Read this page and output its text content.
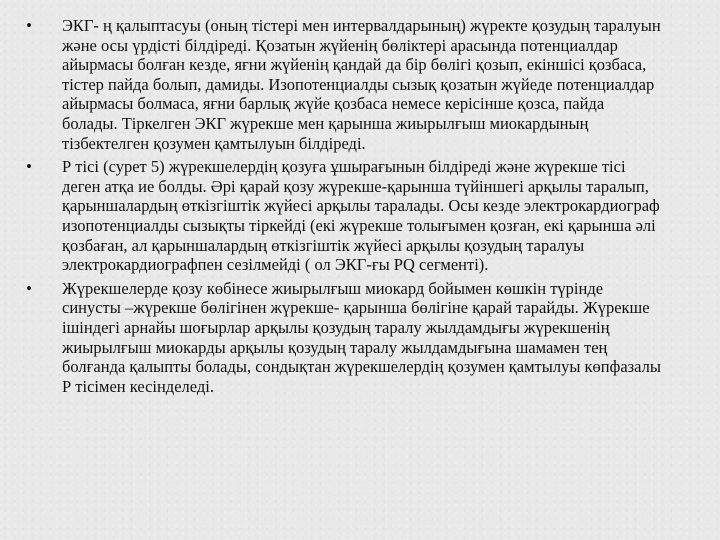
• ЭКГ- ң қалыптасуы (оның тістері мен интервалдарының) жүректе қозудың таралуын және осы үрдісті білдіреді. Қозатын жүйенің бөліктері арасында потенциалдар айырмасы болған кезде, яғни жүйенің қандай да бір бөлігі қозып, екіншісі қозбаса, тістер пайда болып, дамиды. Изопотенциалды сызық қозатын жүйеде потенциалдар айырмасы болмаса, яғни барлық жүйе қозбаса немесе керісінше қозса, пайда болады. Тіркелген ЭКГ жүрекше мен қарынша жиырылғыш миокардының тізбектелген қозумен қамтылуын білдіреді.
• Р тісі (сурет 5) жүрекшелердің қозуға ұшырағынын білдіреді және жүрекше тісі деген атқа ие болды. Әрі қарай қозу жүрекше-қарынша түйіншегі арқылы таралып, қарыншалардың өткізгіштік жүйесі арқылы таралады. Осы кезде электрокардиограф изопотенциалды сызықты тіркейді (екі жүрекше толығымен қозған, екі қарынша әлі қозбаған, ал қарыншалардың өткізгіштік жүйесі арқылы қозудың таралуы электрокардиографпен сезілмейді ( ол ЭКГ-ғы PQ сегменті).
• Жүрекшелерде қозу көбінесе жиырылғыш миокард бойымен көшкін түрінде синусты –жүрекше бөлігінен жүрекше- қарынша бөлігіне қарай тарайды. Жүрекше ішіндегі арнайы шоғырлар арқылы қозудың таралу жылдамдығы жүрекшенің жиырылғыш миокарды арқылы қозудың таралу жылдамдығына шамамен тең болғанда қалыпты болады, сондықтан жүрекшелердің қозумен қамтылуы көпфазалы Р тісімен кесінделеді.
